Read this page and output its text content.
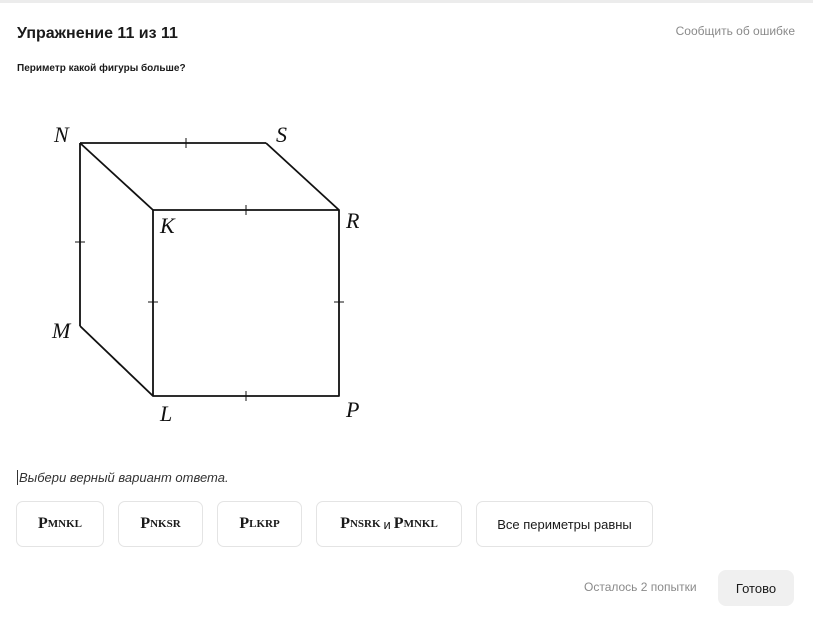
Упражнение 11 из 11	Сообщить об ошибке
Периметр какой фигуры больше?
N	S
R
K
M
L	P
Выбери верный вариант ответа.
P MNKL	P NKSR	P LKRP	P NSRK и P MNKL	Все периметры равны
Осталось 2 попытки	Готово
